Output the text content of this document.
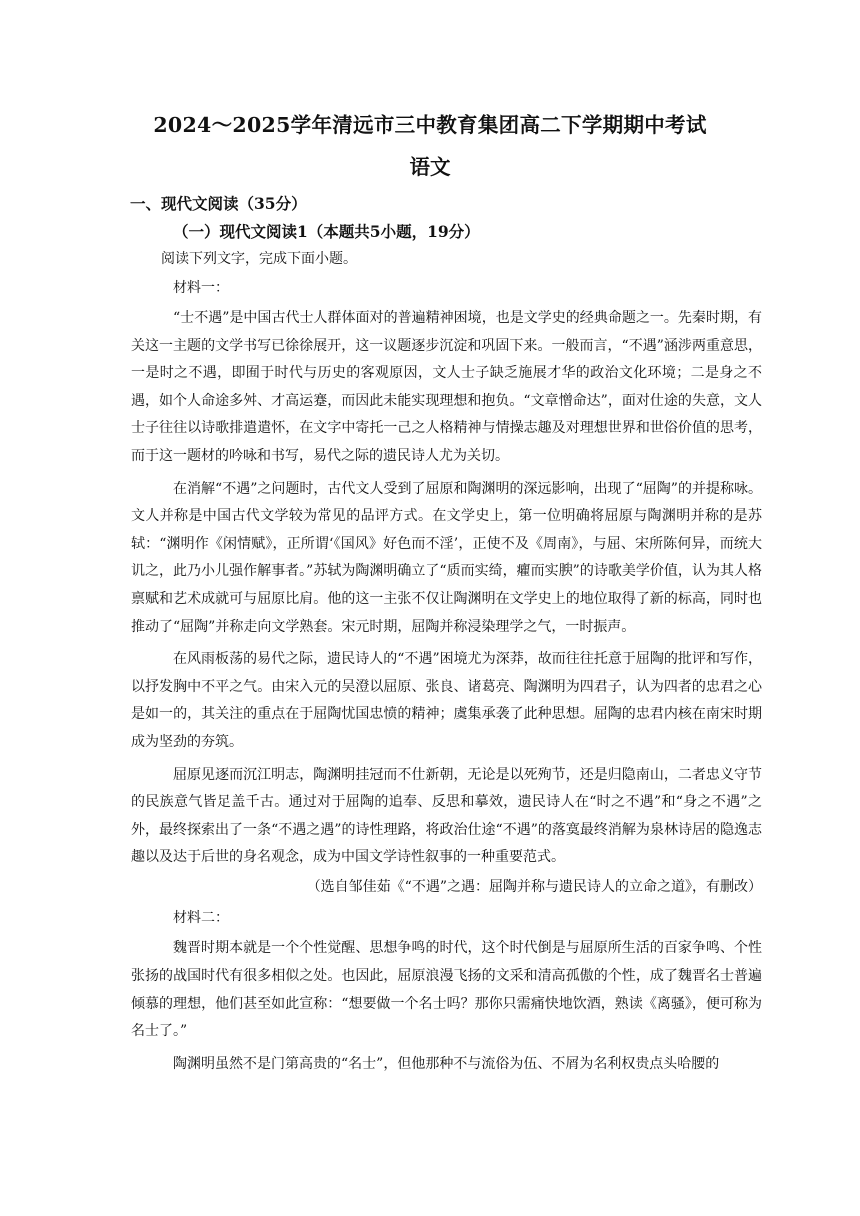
2024～2025学年清远市三中教育集团高二下学期期中考试
语文
一、现代文阅读（35分）
（一）现代文阅读1（本题共5小题，19分）
阅读下列文字，完成下面小题。
材料一：

“士不遇”是中国古代士人群体面对的普遍精神困境，也是文学史的经典命题之一。先秦时期，有关这一主题的文学书写已徐徐展开，这一议题逐步沉淀和巩固下来。一般而言，“不遇”涵涉两重意思，一是时之不遇，即囿于时代与历史的客观原因，文人士子缺乏施展才华的政治文化环境；二是身之不遇，如个人命途多舛、才高运蹇，而因此未能实现理想和抱负。“文章憎命达”，面对仕途的失意，文人士子往往以诗歌排遣遣怀，在文字中寄托一己之人格精神与情操志趣及对理想世界和世俗价值的思考，而于这一题材的吟咏和书写，易代之际的遗民诗人尤为关切。

在消解“不遇”之问题时，古代文人受到了屈原和陶渊明的深远影响，出现了“屈陶”的并提称咏。文人并称是中国古代文学较为常见的品评方式。在文学史上，第一位明确将屈原与陶渊明并称的是苏轼：“渊明作《闲情赋》，正所谓‘《国风》好色而不淫’，正使不及《周南》，与屈、宋所陈何异，而统大讥之，此乃小儿强作解事者。”苏轼为陶渊明确立了“质而实绮，癯而实腴”的诗歌美学价值，认为其人格禀赋和艺术成就可与屈原比肩。他的这一主张不仅让陶渊明在文学史上的地位取得了新的标高，同时也推动了“屈陶”并称走向文学熟套。宋元时期，屈陶并称浸染理学之气，一时振声。

在风雨板荡的易代之际，遗民诗人的“不遇”困境尤为深莽，故而往往托意于屈陶的批评和写作，以抒发胸中不平之气。由宋入元的吴澄以屈原、张良、诸葛亮、陶渊明为四君子，认为四者的忠君之心是如一的，其关注的重点在于屈陶忧国忠愤的精神；虞集承袭了此种思想。屈陶的忠君内核在南宋时期成为坚劲的夯筑。

屈原见逐而沉江明志，陶渊明挂冠而不仕新朝，无论是以死殉节，还是归隐南山，二者忠义守节的民族意气皆足盖千古。通过对于屈陶的追奉、反思和摹效，遗民诗人在“时之不遇”和“身之不遇”之外，最终探索出了一条“不遇之遇”的诗性理路，将政治仕途“不遇”的落寞最终消解为泉林诗居的隐逸志趣以及达于后世的身名观念，成为中国文学诗性叙事的一种重要范式。

（选自邹佳茹《“不遇”之遇：屈陶并称与遗民诗人的立命之道》，有删改）
材料二：

魏晋时期本就是一个个性觉醒、思想争鸣的时代，这个时代倒是与屈原所生活的百家争鸣、个性张扬的战国时代有很多相似之处。也因此，屈原浪漫飞扬的文采和清高孤傲的个性，成了魏晋名士普遍倾慕的理想，他们甚至如此宣称：“想要做一个名士吗？那你只需痛快地饮酒，熟读《离骚》，便可称为名士了。”

陶渊明虽然不是门第高贵的“名士”，但他那种不与流俗为伍、不屑为名利权贵点头哈腰的
